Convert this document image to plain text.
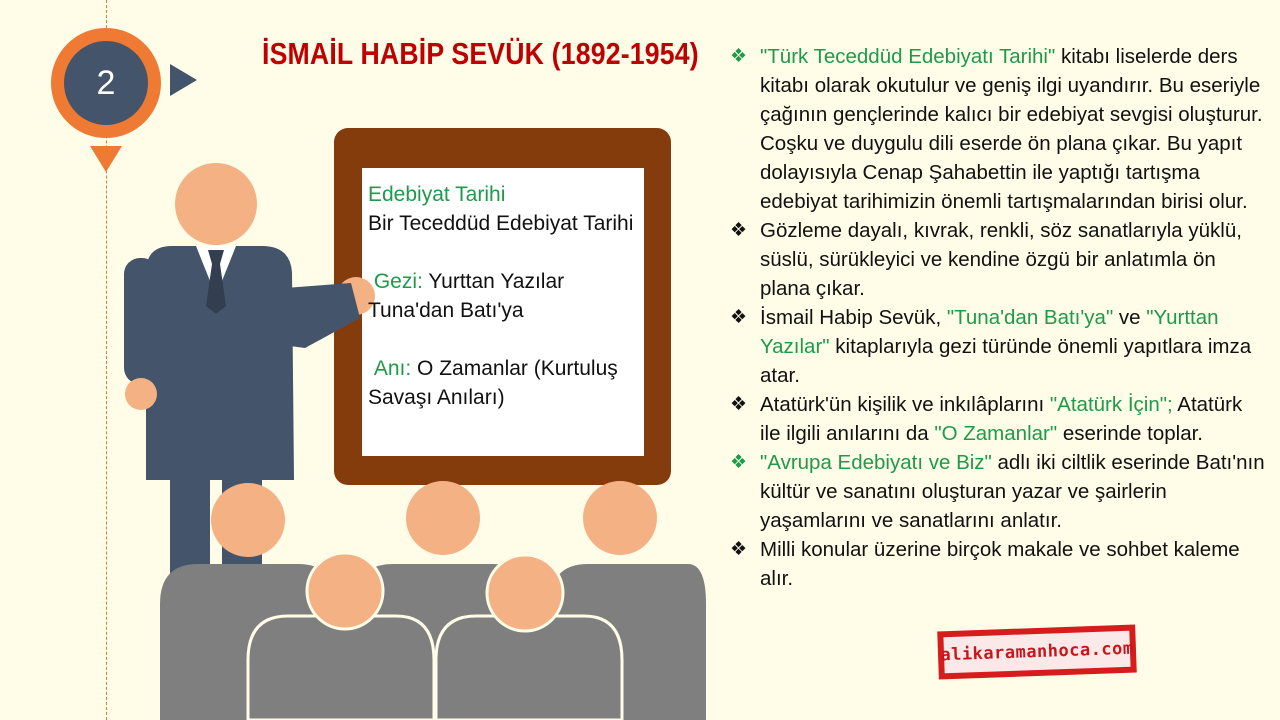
2
İSMAİL HABİP SEVÜK (1892-1954)

Edebiyat Tarihi

Bir Teceddüd Edebiyat Tarihi

Gezi: Yurttan Yazılar Tuna'dan Batı'ya

Anı: O Zamanlar (Kurtuluş Savaşı Anıları)

❖ "Türk Teceddüd Edebiyatı Tarihi" kitabı liselerde ders kitabı olarak okutulur ve geniş ilgi uyandırır. Bu eseriyle çağının gençlerinde kalıcı bir edebiyat sevgisi oluşturur. Coşku ve duygulu dili eserde ön plana çıkar. Bu yapıt dolayısıyla Cenap Şahabettin ile yaptığı tartışma edebiyat tarihimizin önemli tartışmalarından birisi olur.

❖ Gözleme dayalı, kıvrak, renkli, söz sanatlarıyla yüklü, süslü, sürükleyici ve kendine özgü bir anlatımla ön plana çıkar.

❖ İsmail Habip Sevük, "Tuna'dan Batı'ya" ve "Yurttan Yazılar" kitaplarıyla gezi türünde önemli yapıtlara imza atar.

❖ Atatürk'ün kişilik ve inkılâplarını "Atatürk İçin"; Atatürk ile ilgili anılarını da "O Zamanlar" eserinde toplar.

❖ "Avrupa Edebiyatı ve Biz" adlı iki ciltlik eserinde Batı'nın kültür ve sanatını oluşturan yazar ve şairlerin yaşamlarını ve sanatlarını anlatır.

❖ Milli konular üzerine birçok makale ve sohbet kaleme alır.

alikaramanhoca.com
